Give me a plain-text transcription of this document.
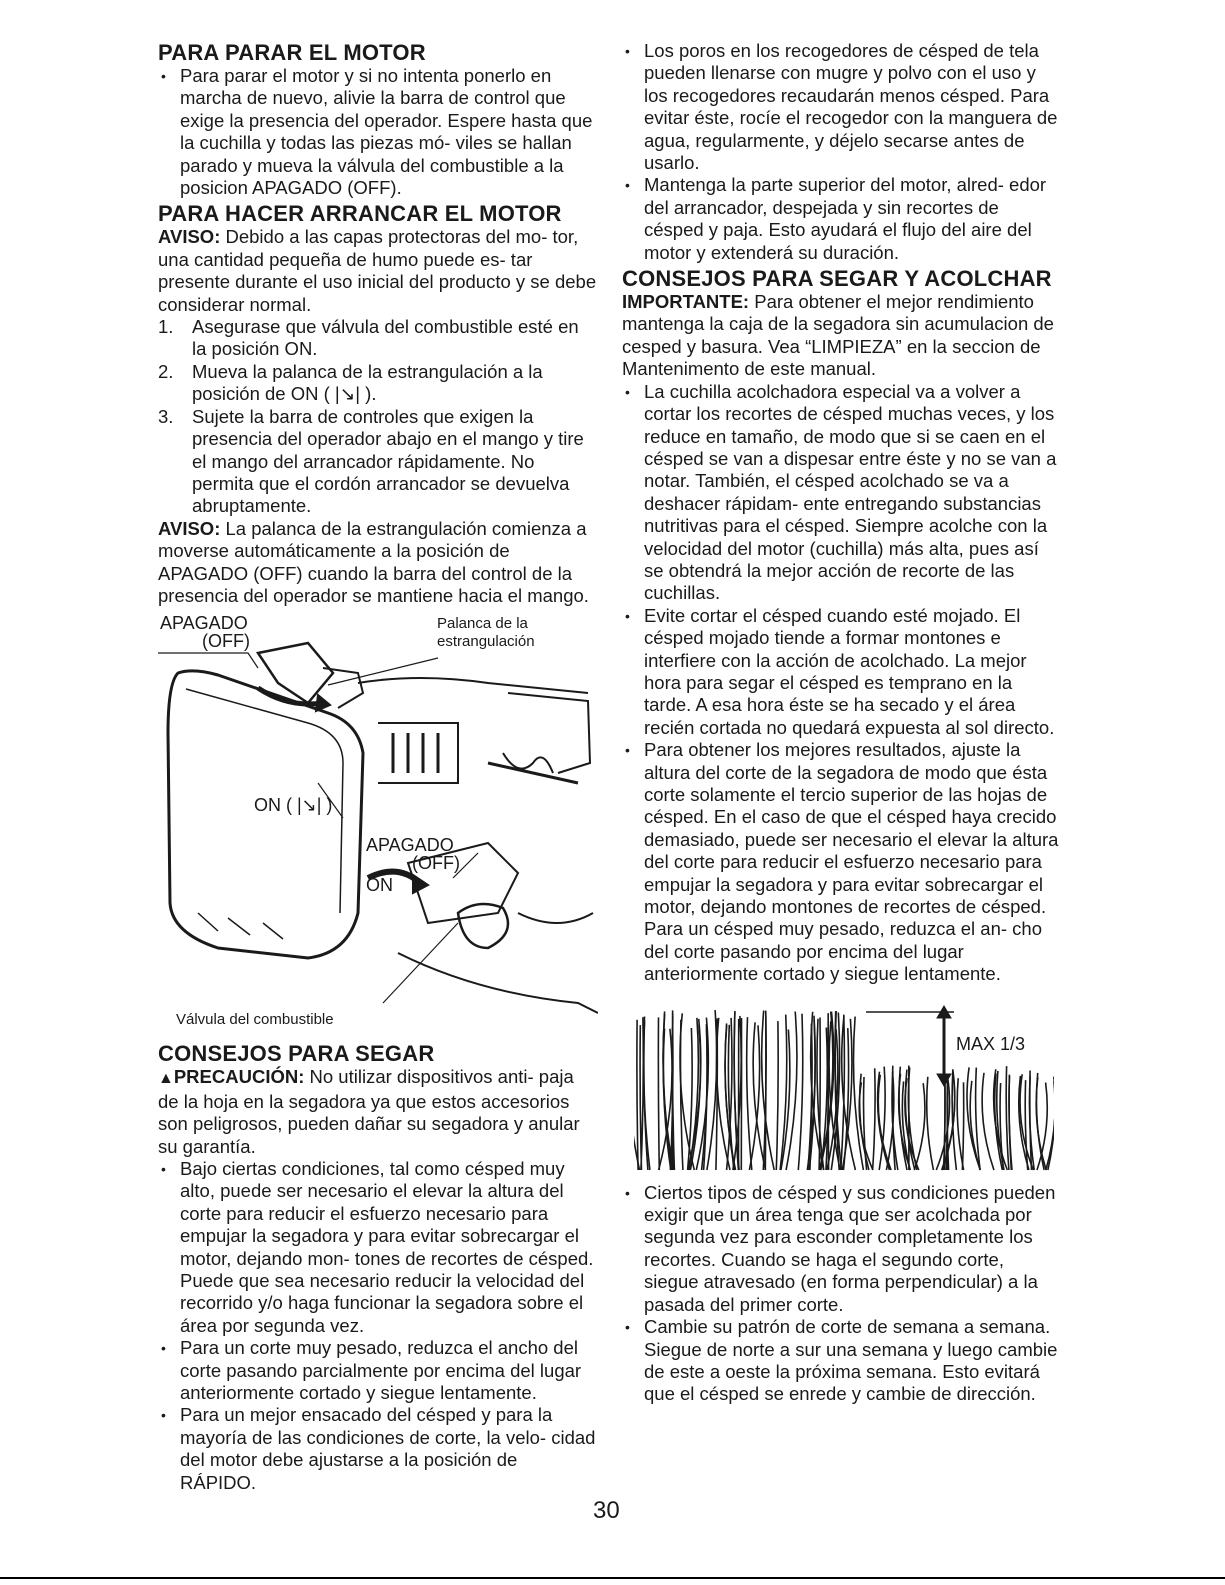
PARA PARAR EL MOTOR

• Para parar el motor y si no intenta ponerlo en marcha de nuevo, alivie la barra de control que exige la presencia del operador. Espere hasta que la cuchilla y todas las piezas mó- viles se hallan parado y mueva la válvula del combustible a la posicion APAGADO (OFF).

PARA HACER ARRANCAR EL MOTOR

AVISO: Debido a las capas protectoras del mo- tor, una cantidad pequeña de humo puede es- tar presente durante el uso inicial del producto y se debe considerar normal.

1. Asegurase que válvula del combustible esté en la posición ON.

2. Mueva la palanca de la estrangulación a la posición de ON ( |↘| ).

3. Sujete la barra de controles que exigen la presencia del operador abajo en el mango y tire el mango del arrancador rápidamente. No permita que el cordón arrancador se devuelva abruptamente.

AVISO: La palanca de la estrangulación comienza a moverse automáticamente a la posición de APAGADO (OFF) cuando la barra del control de la presencia del operador se mantiene hacia el mango.

APAGADO
(OFF)
Palanca de la
estrangulación
ON ( |↘| )
APAGADO
(OFF)
ON
Válvula del combustible
CONSEJOS PARA SEGAR

▲PRECAUCIÓN: No utilizar dispositivos anti- paja de la hoja en la segadora ya que estos accesorios son peligrosos, pueden dañar su segadora y anular su garantía.

• Bajo ciertas condiciones, tal como césped muy alto, puede ser necesario el elevar la altura del corte para reducir el esfuerzo necesario para empujar la segadora y para evitar sobrecargar el motor, dejando mon- tones de recortes de césped. Puede que sea necesario reducir la velocidad del recorrido y/o haga funcionar la segadora sobre el área por segunda vez.

• Para un corte muy pesado, reduzca el ancho del corte pasando parcialmente por encima del lugar anteriormente cortado y siegue lentamente.

• Para un mejor ensacado del césped y para la mayoría de las condiciones de corte, la velo- cidad del motor debe ajustarse a la posición de RÁPIDO.

• Los poros en los recogedores de césped de tela pueden llenarse con mugre y polvo con el uso y los recogedores recaudarán menos césped. Para evitar éste, rocíe el recogedor con la manguera de agua, regularmente, y déjelo secarse antes de usarlo.

• Mantenga la parte superior del motor, alred- edor del arrancador, despejada y sin recortes de césped y paja. Esto ayudará el flujo del aire del motor y extenderá su duración.

CONSEJOS PARA SEGAR Y ACOLCHAR

IMPORTANTE: Para obtener el mejor rendimiento mantenga la caja de la segadora sin acumulacion de cesped y basura. Vea “LIMPIEZA” en la seccion de Mantenimento de este manual.

• La cuchilla acolchadora especial va a volver a cortar los recortes de césped muchas veces, y los reduce en tamaño, de modo que si se caen en el césped se van a dispesar entre éste y no se van a notar. También, el césped acolchado se va a deshacer rápidam- ente entregando substancias nutritivas para el césped. Siempre acolche con la velocidad del motor (cuchilla) más alta, pues así se obtendrá la mejor acción de recorte de las cuchillas.

• Evite cortar el césped cuando esté mojado. El césped mojado tiende a formar montones e interfiere con la acción de acolchado. La mejor hora para segar el césped es temprano en la tarde. A esa hora éste se ha secado y el área recién cortada no quedará expuesta al sol directo.

• Para obtener los mejores resultados, ajuste la altura del corte de la segadora de modo que ésta corte solamente el tercio superior de las hojas de césped. En el caso de que el césped haya crecido demasiado, puede ser necesario el elevar la altura del corte para reducir el esfuerzo necesario para empujar la segadora y para evitar sobrecargar el motor, dejando montones de recortes de césped. Para un césped muy pesado, reduzca el an- cho del corte pasando por encima del lugar anteriormente cortado y siegue lentamente.

MAX 1/3

• Ciertos tipos de césped y sus condiciones pueden exigir que un área tenga que ser acolchada por segunda vez para esconder completamente los recortes. Cuando se haga el segundo corte, siegue atravesado (en forma perpendicular) a la pasada del primer corte.

• Cambie su patrón de corte de semana a semana. Siegue de norte a sur una semana y luego cambie de este a oeste la próxima semana. Esto evitará que el césped se enrede y cambie de dirección.

30
